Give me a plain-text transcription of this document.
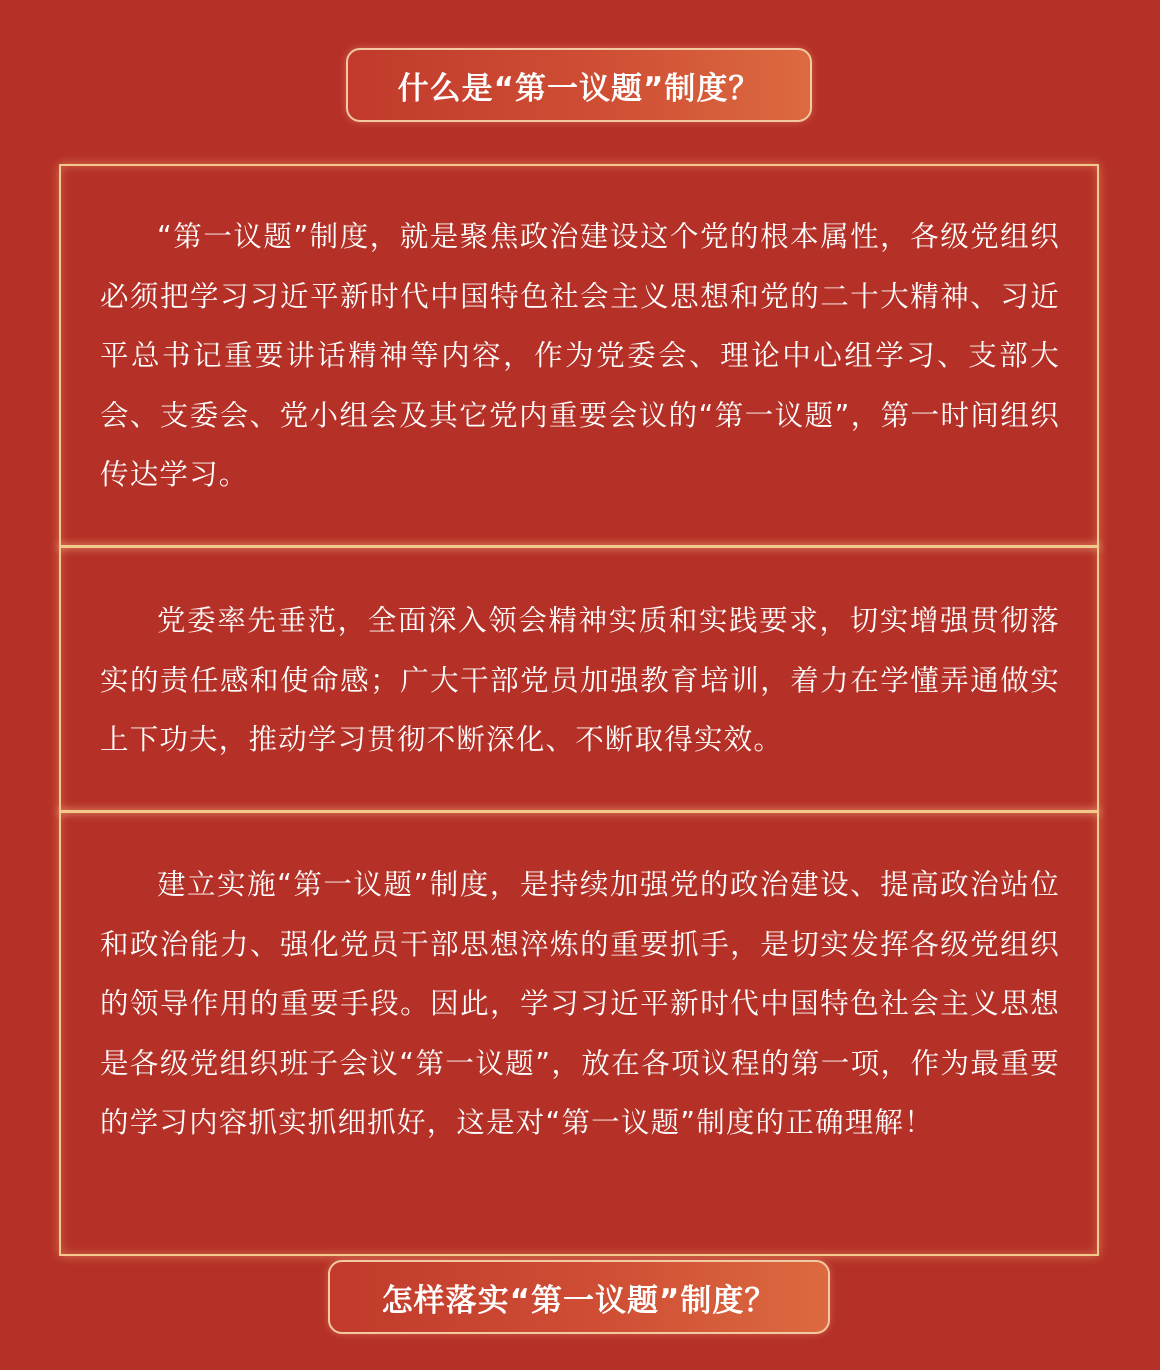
什么是“第一议题”制度？

“第一议题”制度，就是聚焦政治建设这个党的根本属性，各级党组织必须把学习习近平新时代中国特色社会主义思想和党的二十大精神、习近平总书记重要讲话精神等内容，作为党委会、理论中心组学习、支部大会、支委会、党小组会及其它党内重要会议的“第一议题”，第一时间组织传达学习。

党委率先垂范，全面深入领会精神实质和实践要求，切实增强贯彻落实的责任感和使命感；广大干部党员加强教育培训，着力在学懂弄通做实上下功夫，推动学习贯彻不断深化、不断取得实效。

建立实施“第一议题”制度，是持续加强党的政治建设、提高政治站位和政治能力、强化党员干部思想淬炼的重要抓手，是切实发挥各级党组织的领导作用的重要手段。因此，学习习近平新时代中国特色社会主义思想是各级党组织班子会议“第一议题”，放在各项议程的第一项，作为最重要的学习内容抓实抓细抓好，这是对“第一议题”制度的正确理解！

怎样落实“第一议题”制度？
